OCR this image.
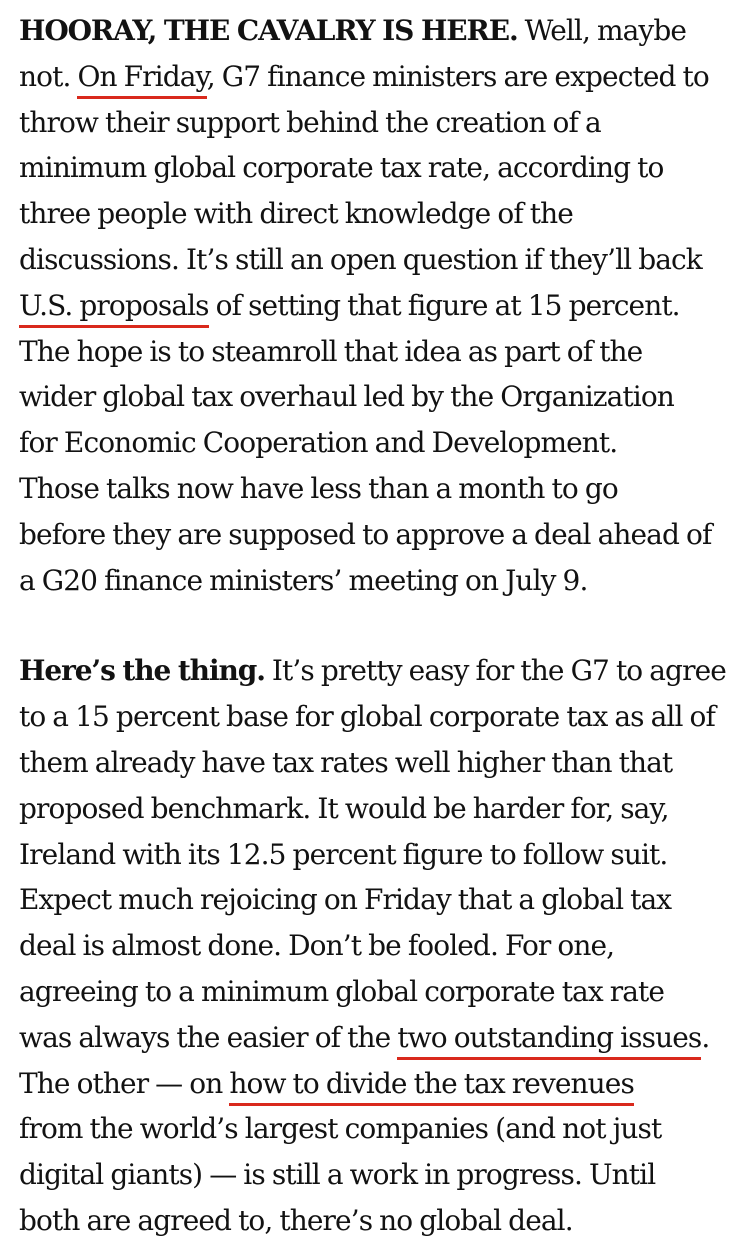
HOORAY, THE CAVALRY IS HERE. Well, maybe
not. On Friday, G7 finance ministers are expected to
throw their support behind the creation of a
minimum global corporate tax rate, according to
three people with direct knowledge of the
discussions. It’s still an open question if they’ll back
U.S. proposals of setting that figure at 15 percent.
The hope is to steamroll that idea as part of the
wider global tax overhaul led by the Organization
for Economic Cooperation and Development.
Those talks now have less than a month to go
before they are supposed to approve a deal ahead of
a G20 finance ministers’ meeting on July 9.

Here’s the thing. It’s pretty easy for the G7 to agree
to a 15 percent base for global corporate tax as all of
them already have tax rates well higher than that
proposed benchmark. It would be harder for, say,
Ireland with its 12.5 percent figure to follow suit.
Expect much rejoicing on Friday that a global tax
deal is almost done. Don’t be fooled. For one,
agreeing to a minimum global corporate tax rate
was always the easier of the two outstanding issues.
The other — on how to divide the tax revenues
from the world’s largest companies (and not just
digital giants) — is still a work in progress. Until
both are agreed to, there’s no global deal.
